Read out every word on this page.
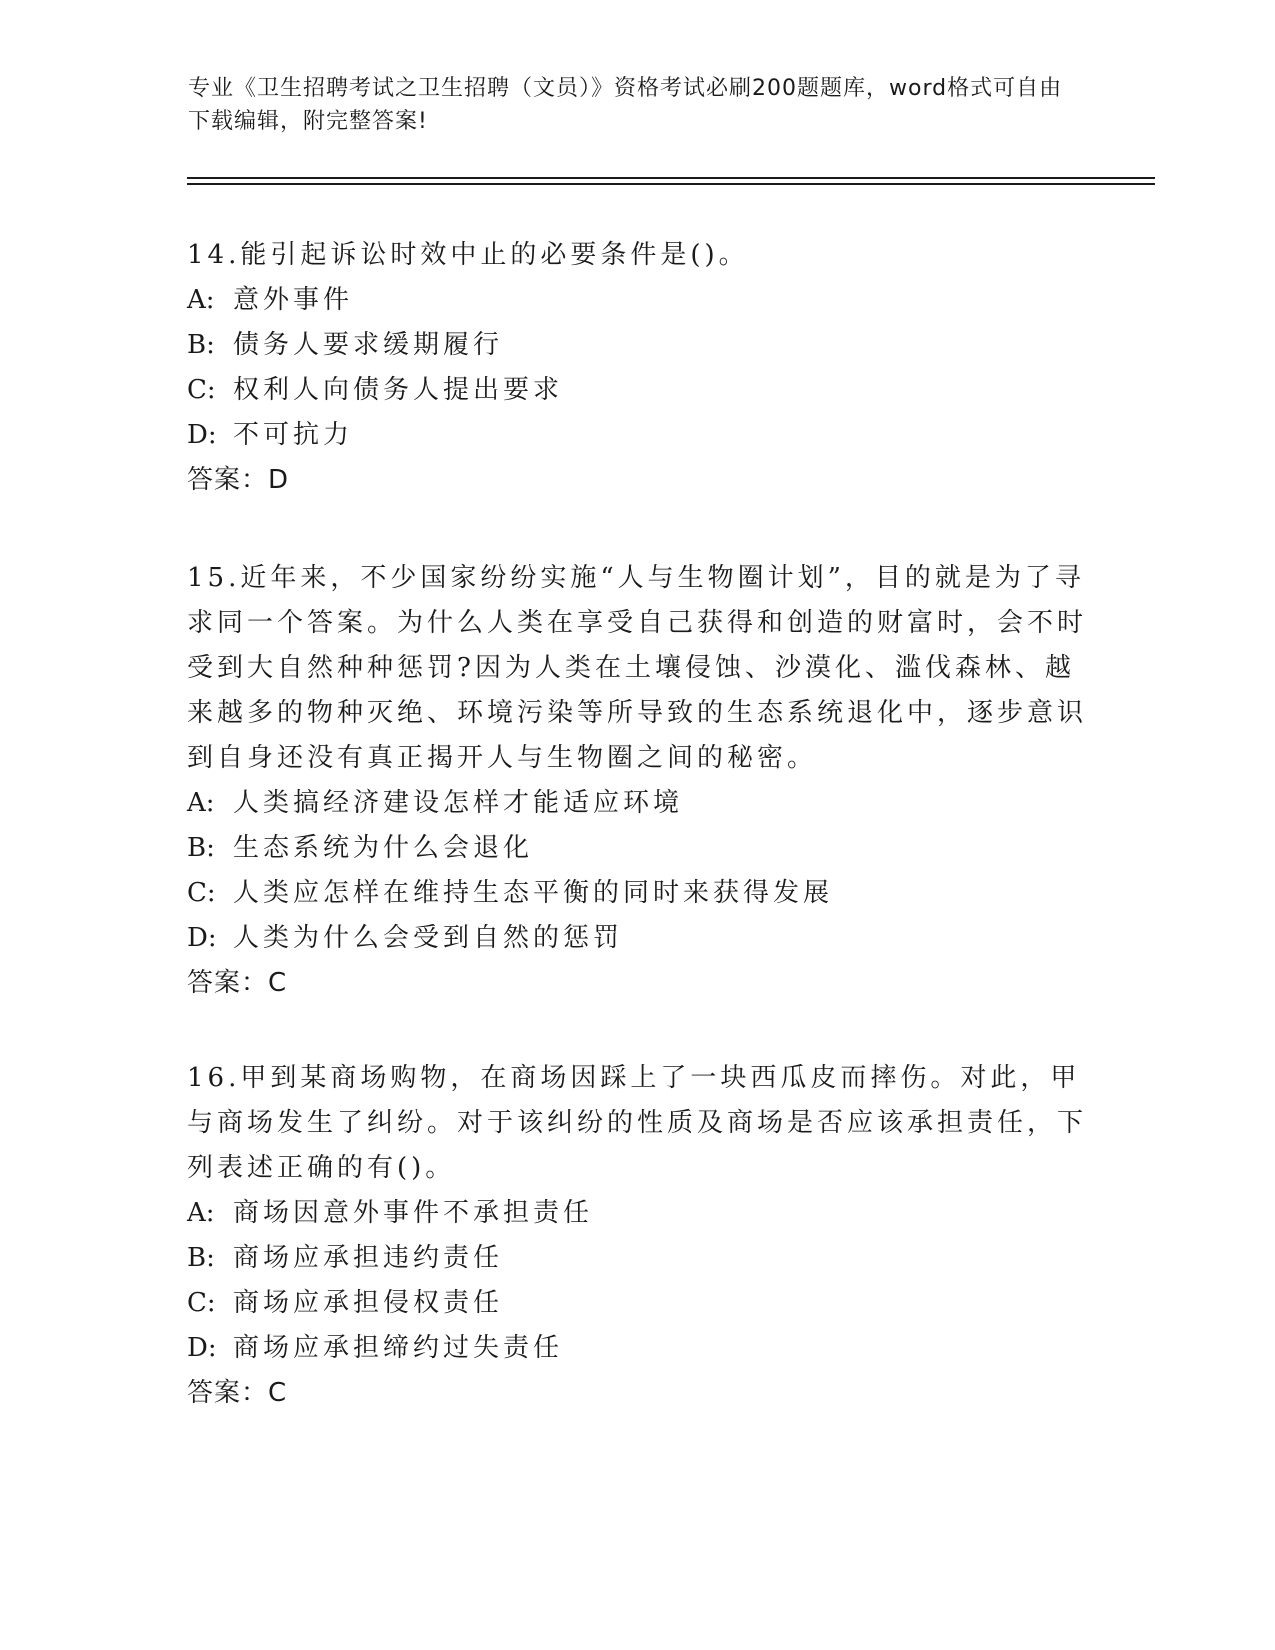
专业《卫生招聘考试之卫生招聘（文员）》资格考试必刷200题题库，word格式可自由下载编辑，附完整答案!

14.能引起诉讼时效中止的必要条件是()。

A: 意外事件

B: 债务人要求缓期履行

C: 权利人向债务人提出要求

D: 不可抗力

答案：D

15.近年来，不少国家纷纷实施“人与生物圈计划”，目的就是为了寻求同一个答案。为什么人类在享受自己获得和创造的财富时，会不时受到大自然种种惩罚?因为人类在土壤侵蚀、沙漠化、滥伐森林、越来越多的物种灭绝、环境污染等所导致的生态系统退化中，逐步意识到自身还没有真正揭开人与生物圈之间的秘密。

A: 人类搞经济建设怎样才能适应环境

B: 生态系统为什么会退化

C: 人类应怎样在维持生态平衡的同时来获得发展

D: 人类为什么会受到自然的惩罚

答案：C

16.甲到某商场购物，在商场因踩上了一块西瓜皮而摔伤。对此，甲与商场发生了纠纷。对于该纠纷的性质及商场是否应该承担责任，下列表述正确的有()。

A: 商场因意外事件不承担责任

B: 商场应承担违约责任

C: 商场应承担侵权责任

D: 商场应承担缔约过失责任

答案：C
